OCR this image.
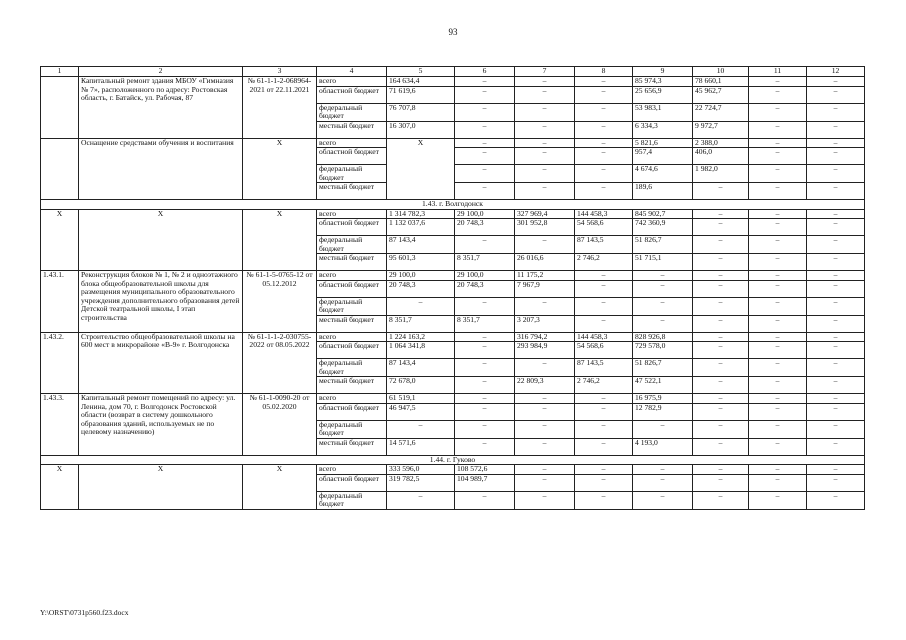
93
1	2	3	4	5	6	7	8	9	10	11	12
	Капитальный ремонт здания МБОУ «Гимназия № 7», расположенного по адресу: Ростовская область, г. Батайск, ул. Рабочая, 87	№ 61-1-1-2-068964-2021 от 22.11.2021	всего	164 634,4	–	–	–	85 974,3	78 660,1	–	–
			областной бюджет	71 619,6	–	–	–	25 656,9	45 962,7	–	–
			федеральный бюджет	76 707,8	–	–	–	53 983,1	22 724,7	–	–
			местный бюджет	16 307,0	–	–	–	6 334,3	9 972,7	–	–
	Оснащение средствами обучения и воспитания	X	всего	X	–	–	–	5 821,6	2 388,0	–	–
			областной бюджет		–	–	–	957,4	406,0	–	–
			федеральный бюджет		–	–	–	4 674,6	1 982,0	–	–
			местный бюджет		–	–	–	189,6	–	–	–
1.43. г. Волгодонск											
X	X	X	всего	1 314 782,3	29 100,0	327 969,4	144 458,3	845 902,7	–	–	–
			областной бюджет	1 132 037,6	20 748,3	301 952,8	54 568,6	742 360,9	–	–	–
			федеральный бюджет	87 143,4	–	–	87 143,5	51 826,7	–	–	–
			местный бюджет	95 601,3	8 351,7	26 016,6	2 746,2	51 715,1	–	–	–
1.43.1.	Реконструкция блоков № 1, № 2 и одноэтажного блока общеобразовательной школы для размещения муниципального образовательного учреждения дополнительного образования детей Детской театральной школы, I этап строительства	№ 61-1-5-0765-12 от 05.12.2012	всего	29 100,0	29 100,0	11 175,2	–	–	–	–	–
			областной бюджет	20 748,3	20 748,3	7 967,9	–	–	–	–	–
			федеральный бюджет	–	–	–	–	–	–	–	–
			местный бюджет	8 351,7	8 351,7	3 207,3	–	–	–	–	–
1.43.2.	Строительство общеобразовательной школы на 600 мест в микрорайоне «В-9» г. Волгодонска	№ 61-1-1-2-030755-2022 от 08.05.2022	всего	1 224 163,2	–	316 794,2	144 458,3	828 926,8	–	–	–
			областной бюджет	1 064 341,8	–	293 984,9	54 568,6	729 578,0	–	–	–
			федеральный бюджет	87 143,4	–	–	87 143,5	51 826,7	–	–	–
			местный бюджет	72 678,0	–	22 809,3	2 746,2	47 522,1	–	–	–
1.43.3.	Капитальный ремонт помещений по адресу: ул. Ленина, дом 70, г. Волгодонск Ростовской области (возврат в систему дошкольного образования зданий, используемых не по целевому назначению)	№ 61-1-0090-20 от 05.02.2020	всего	61 519,1	–	–	–	16 975,9	–	–	–
			областной бюджет	46 947,5	–	–	–	12 782,9	–	–	–
			федеральный бюджет	–	–	–	–	–	–	–	–
			местный бюджет	14 571,6	–	–	–	4 193,0	–	–	–
1.44. г. Гуково											
X	X	X	всего	333 596,0	108 572,6	–	–	–	–	–	–
			областной бюджет	319 782,5	104 989,7	–	–	–	–	–	–
			федеральный бюджет	–	–	–	–	–	–	–	–
Y:\ORST\0731p560.f23.docx
